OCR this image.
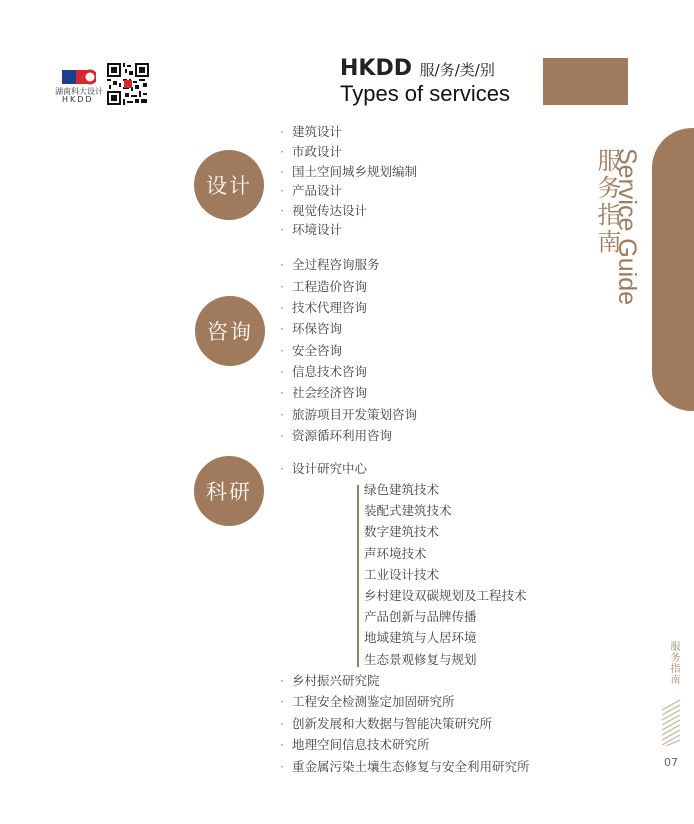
湖南科大设计
HKDD
HKDD 服/务/类/别
Types of services
Service Guide
服务指南
服务指南
07
设计
咨询
科研
· 建筑设计
· 市政设计
· 国土空间城乡规划编制
· 产品设计
· 视觉传达设计
· 环境设计
· 全过程咨询服务
· 工程造价咨询
· 技术代理咨询
· 环保咨询
· 安全咨询
· 信息技术咨询
· 社会经济咨询
· 旅游项目开发策划咨询
· 资源循环利用咨询
· 设计研究中心
绿色建筑技术
装配式建筑技术
数字建筑技术
声环境技术
工业设计技术
乡村建设双碳规划及工程技术
产品创新与品牌传播
地域建筑与人居环境
生态景观修复与规划
· 乡村振兴研究院
· 工程安全检测鉴定加固研究所
· 创新发展和大数据与智能决策研究所
· 地理空间信息技术研究所
· 重金属污染土壤生态修复与安全利用研究所
